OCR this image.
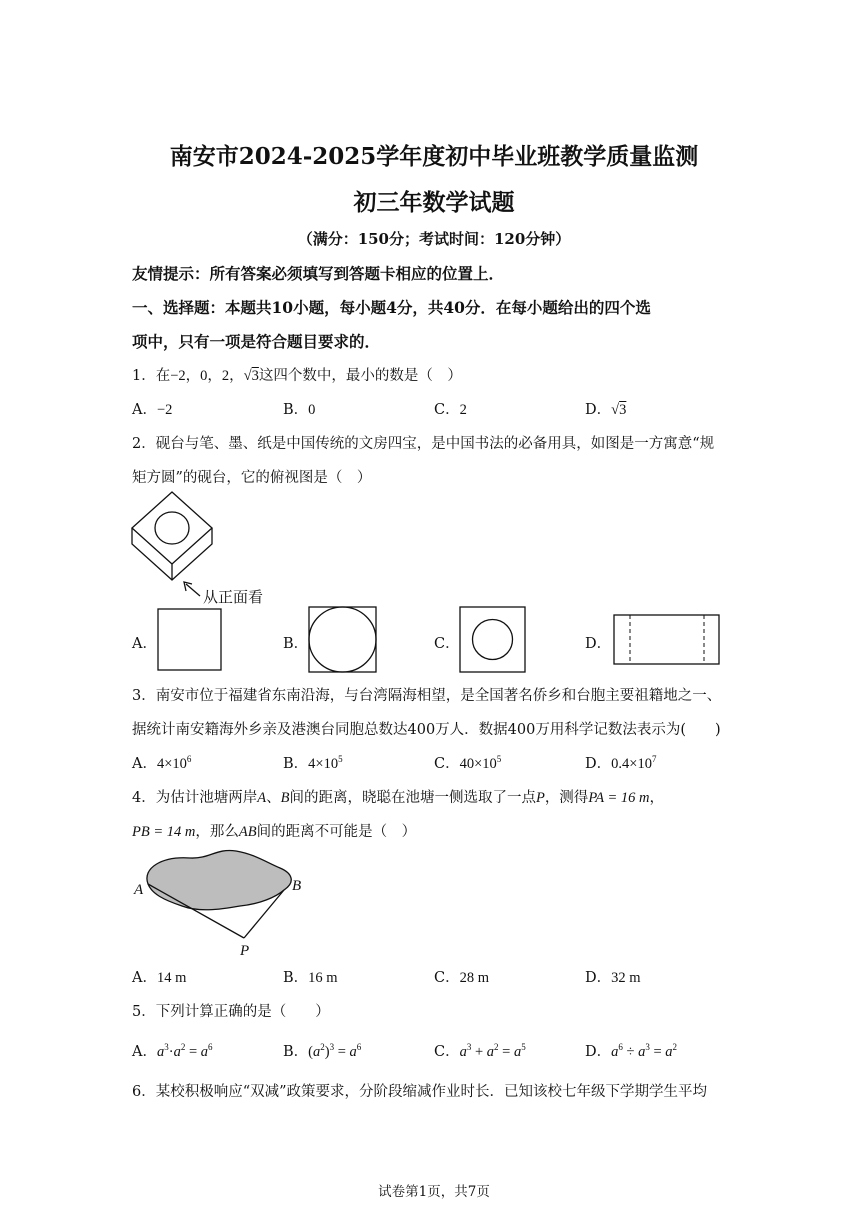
南安市2024-2025学年度初中毕业班教学质量监测
初三年数学试题
（满分：150分；考试时间：120分钟）
友情提示：所有答案必须填写到答题卡相应的位置上．
一、选择题：本题共10小题，每小题4分，共40分．在每小题给出的四个选
项中，只有一项是符合题目要求的．
1．在−2，0，2，√3这四个数中，最小的数是（　）
A．−2	B．0	C．2	D．√3
2．砚台与笔、墨、纸是中国传统的文房四宝，是中国书法的必备用具，如图是一方寓意“规
矩方圆”的砚台，它的俯视图是（　）
从正面看
A．	B．	C．	D．
3．南安市位于福建省东南沿海，与台湾隔海相望，是全国著名侨乡和台胞主要祖籍地之一、
据统计南安籍海外乡亲及港澳台同胞总数达400万人．数据400万用科学记数法表示为(　　)
A．$4\times 10^6$	B．$4\times 10^5$	C．$40\times 10^5$	D．$0.4\times 10^7$
4．为估计池塘两岸A、B间的距离，晓聪在池塘一侧选取了一点P，测得PA = 16 m，
PB = 14 m，那么AB间的距离不可能是（　）
A	B
P
A．14 m	B．16 m	C．28 m	D．32 m
5．下列计算正确的是（　　）
A．$a^3\cdot a^2 = a^6$	B．$(a^2)^3 = a^6$	C．$a^3 + a^2 = a^5$	D．$a^6 \div a^3 = a^2$
6．某校积极响应“双减”政策要求，分阶段缩减作业时长．已知该校七年级下学期学生平均
试卷第1页，共7页
